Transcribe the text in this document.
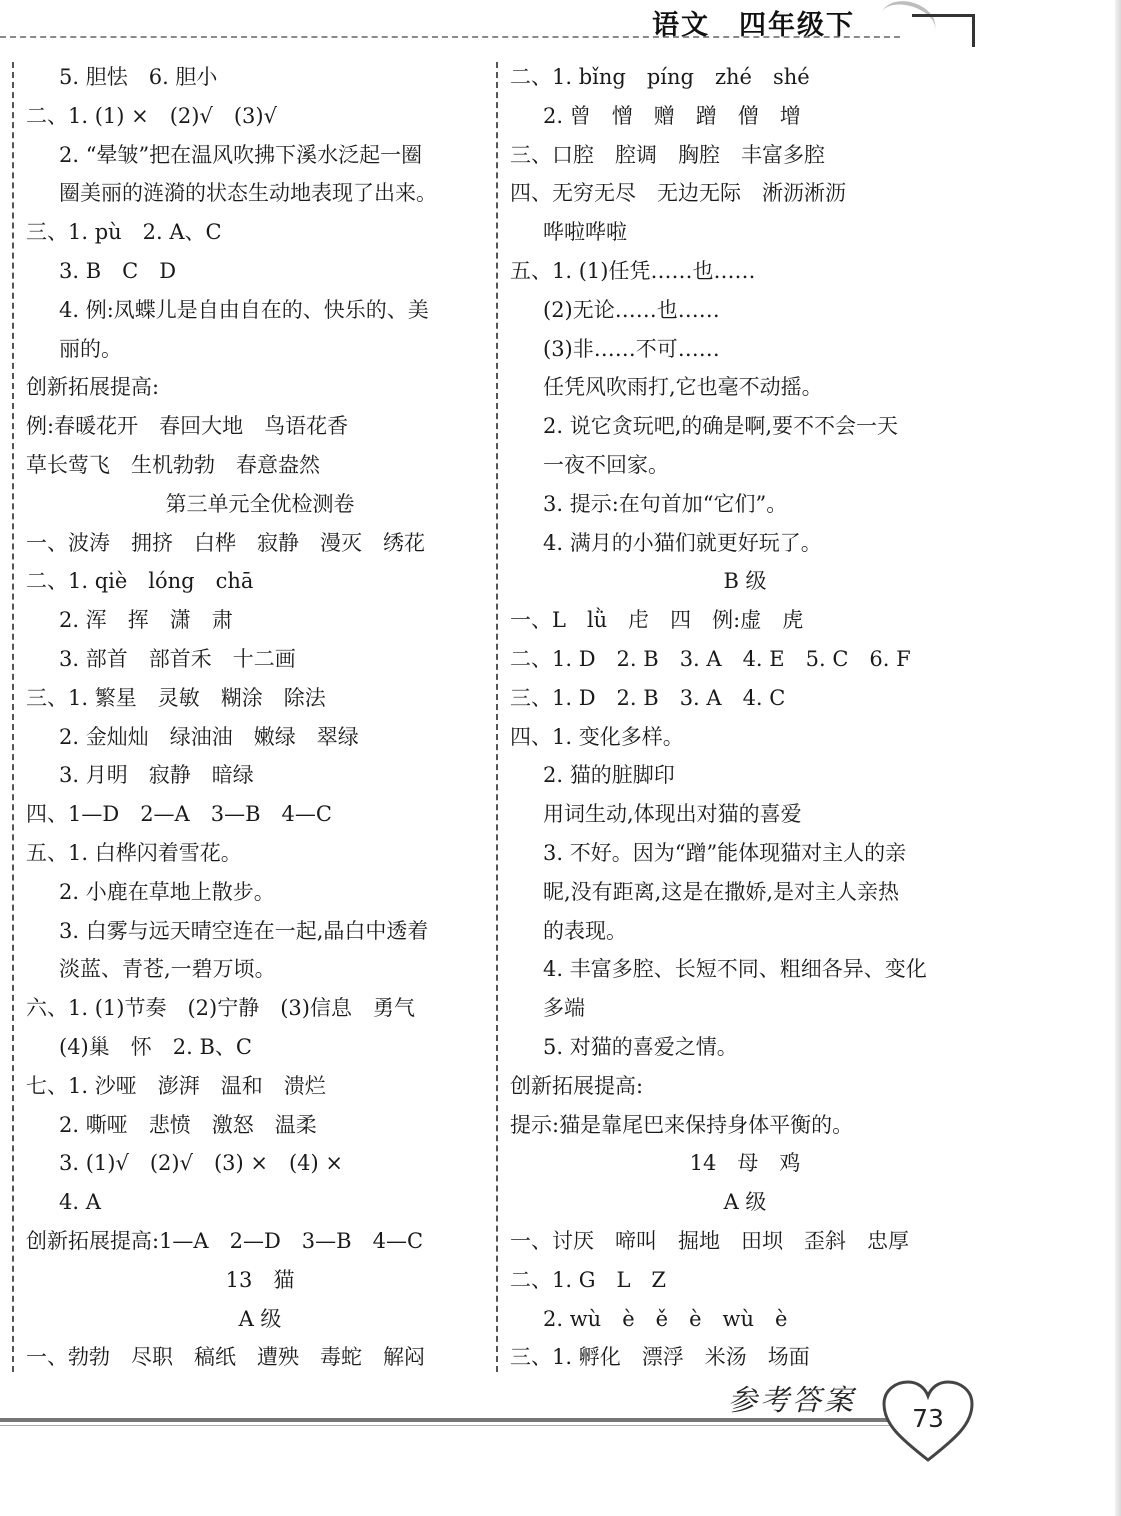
语文　四年级下
5. 胆怯　6. 胆小
二、1. (1) ×　(2)√　(3)√
2. “晕皱”把在温风吹拂下溪水泛起一圈
圈美丽的涟漪的状态生动地表现了出来。
三、1. pù　2. A、C
3. B　C　D
4. 例:凤蝶儿是自由自在的、快乐的、美
丽的。
创新拓展提高:
例:春暖花开　春回大地　鸟语花香
草长莺飞　生机勃勃　春意盎然
第三单元全优检测卷
一、波涛　拥挤　白桦　寂静　漫灭　绣花
二、1. qiè　lóng　chā
2. 浑　挥　潇　肃
3. 部首　部首禾　十二画
三、1. 繁星　灵敏　糊涂　除法
2. 金灿灿　绿油油　嫩绿　翠绿
3. 月明　寂静　暗绿
四、1—D　2—A　3—B　4—C
五、1. 白桦闪着雪花。
2. 小鹿在草地上散步。
3. 白雾与远天晴空连在一起,晶白中透着
淡蓝、青苍,一碧万顷。
六、1. (1)节奏　(2)宁静　(3)信息　勇气
(4)巢　怀　2. B、C
七、1. 沙哑　澎湃　温和　溃烂
2. 嘶哑　悲愤　激怒　温柔
3. (1)√　(2)√　(3) ×　(4) ×
4. A
创新拓展提高:1—A　2—D　3—B　4—C
13　猫
A 级
一、勃勃　尽职　稿纸　遭殃　毒蛇　解闷
二、1. bǐng　píng　zhé　shé
2. 曾　憎　赠　蹭　僧　增
三、口腔　腔调　胸腔　丰富多腔
四、无穷无尽　无边无际　淅沥淅沥
哗啦哗啦
五、1. (1)任凭……也……
(2)无论……也……
(3)非……不可……
任凭风吹雨打,它也毫不动摇。
2. 说它贪玩吧,的确是啊,要不不会一天
一夜不回家。
3. 提示:在句首加“它们”。
4. 满月的小猫们就更好玩了。
B 级
一、L　lǜ　虍　四　例:虚　虎
二、1. D　2. B　3. A　4. E　5. C　6. F
三、1. D　2. B　3. A　4. C
四、1. 变化多样。
2. 猫的脏脚印
用词生动,体现出对猫的喜爱
3. 不好。因为“蹭”能体现猫对主人的亲
昵,没有距离,这是在撒娇,是对主人亲热
的表现。
4. 丰富多腔、长短不同、粗细各异、变化
多端
5. 对猫的喜爱之情。
创新拓展提高:
提示:猫是靠尾巴来保持身体平衡的。
14　母　鸡
A 级
一、讨厌　啼叫　掘地　田坝　歪斜　忠厚
二、1. G　L　Z
2. wù　è　ě　è　wù　è
三、1. 孵化　漂浮　米汤　场面
参考答案
73
